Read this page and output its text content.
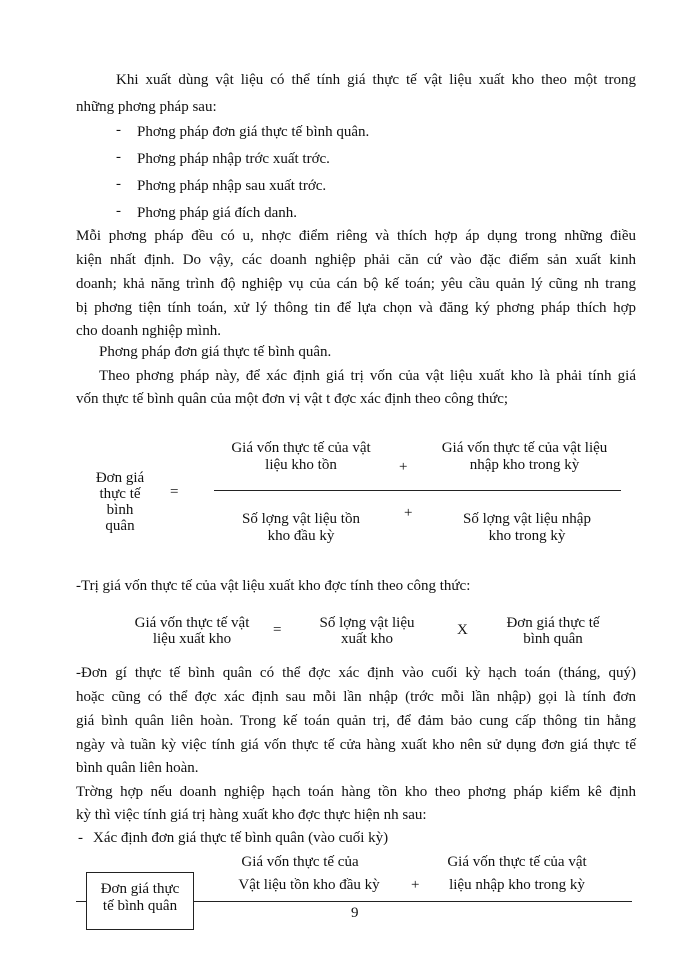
Khi xuất dùng vật liệu có thể tính giá thực tế vật liệu xuất kho theo một trong
những phơng pháp sau:
- Phơng pháp đơn giá thực tế bình quân.
- Phơng pháp nhập trớc xuất trớc.
- Phơng pháp nhập sau xuất trớc.
- Phơng pháp giá đích danh.
Mỗi phơng pháp đều có u, nhợc điểm riêng và thích hợp áp dụng trong những điều
kiện nhất định. Do vậy, các doanh nghiệp phải căn cứ vào đặc điểm sản xuất kinh
doanh; khả năng trình độ nghiệp vụ của cán bộ kế toán; yêu cầu quản lý cũng nh trang
bị phơng tiện tính toán, xử lý thông tin để lựa chọn và đăng ký phơng pháp thích hợp
cho doanh nghiệp mình.
Phơng pháp đơn giá thực tế bình quân.
Theo phơng pháp này, để xác định giá trị vốn của vật liệu xuất kho là phải tính giá
vốn thực tế bình quân của một đơn vị vật t đợc xác định theo công thức;
Đơn giá
thực tế
bình
quân
=
Giá vốn thực tế của vật
liệu kho tồn	+
Giá vốn thực tế của vật liệu
nhập kho trong kỳ
Số lợng vật liệu tồn
kho đầu kỳ
+	Số lợng vật liệu nhập
kho trong kỳ
-Trị giá vốn thực tế của vật liệu xuất kho đợc tính theo công thức:
Giá vốn thực tế vật
liệu xuất kho
=	Số lợng vật liệu
xuất kho
X	Đơn giá thực tế
bình quân
-Đơn gí thực tế bình quân có thể đợc xác định vào cuối kỳ hạch toán (tháng, quý)
hoặc cũng có thể đợc xác định sau mỗi lần nhập (trớc mỗi lần nhập) gọi là tính đơn
giá bình quân liên hoàn. Trong kế toán quản trị, để đảm bảo cung cấp thông tin hằng
ngày và tuần kỳ việc tính giá vốn thực tế cửa hàng xuất kho nên sử dụng đơn giá thực tế
bình quân liên hoàn.
Trờng hợp nếu doanh nghiệp hạch toán hàng tồn kho theo phơng pháp kiểm kê định
kỳ thì việc tính giá trị hàng xuất kho đợc thực hiện nh sau:
- Xác định đơn giá thực tế bình quân (vào cuối kỳ)
Giá vốn thực tế của
Vật liệu tồn kho đầu kỳ	+
Giá vốn thực tế của vật
liệu nhập kho trong kỳ
Đơn giá thực
tế bình quân	9
